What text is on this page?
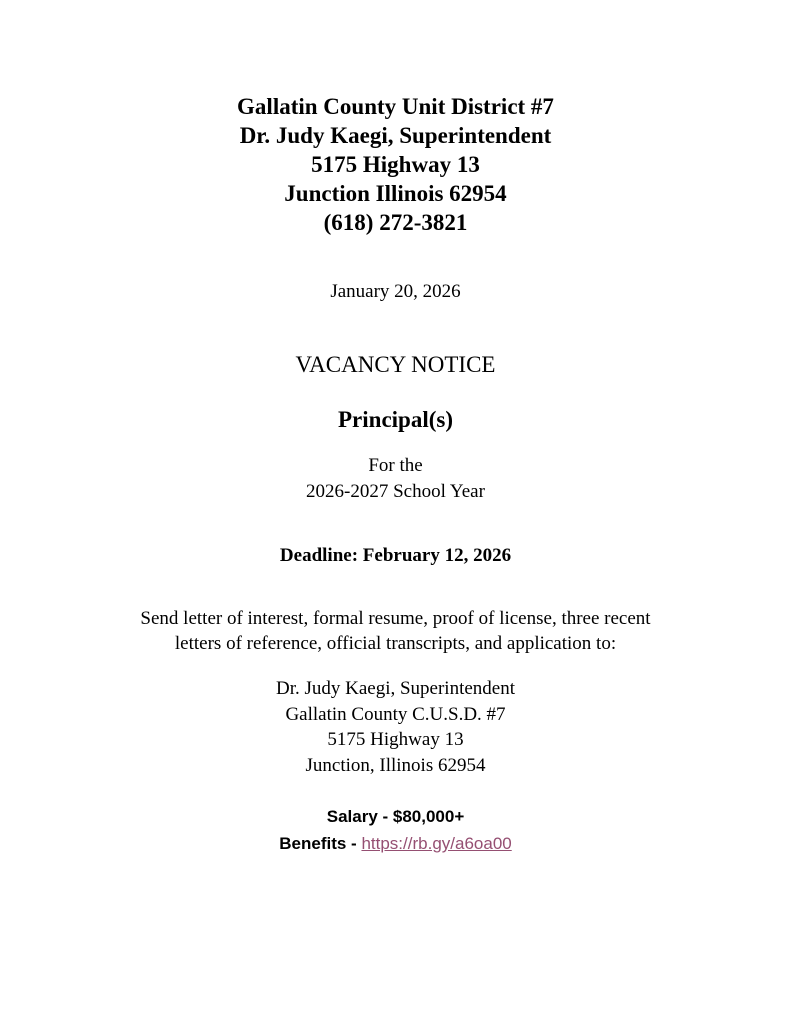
Gallatin County Unit District #7
Dr. Judy Kaegi, Superintendent
5175 Highway 13
Junction Illinois 62954
(618) 272-3821
January 20, 2026
VACANCY NOTICE
Principal(s)
For the
2026-2027 School Year
Deadline: February 12, 2026
Send letter of interest, formal resume, proof of license, three recent
letters of reference, official transcripts, and application to:
Dr. Judy Kaegi, Superintendent
Gallatin County C.U.S.D. #7
5175 Highway 13
Junction, Illinois 62954
Salary - $80,000+
Benefits - https://rb.gy/a6oa00
